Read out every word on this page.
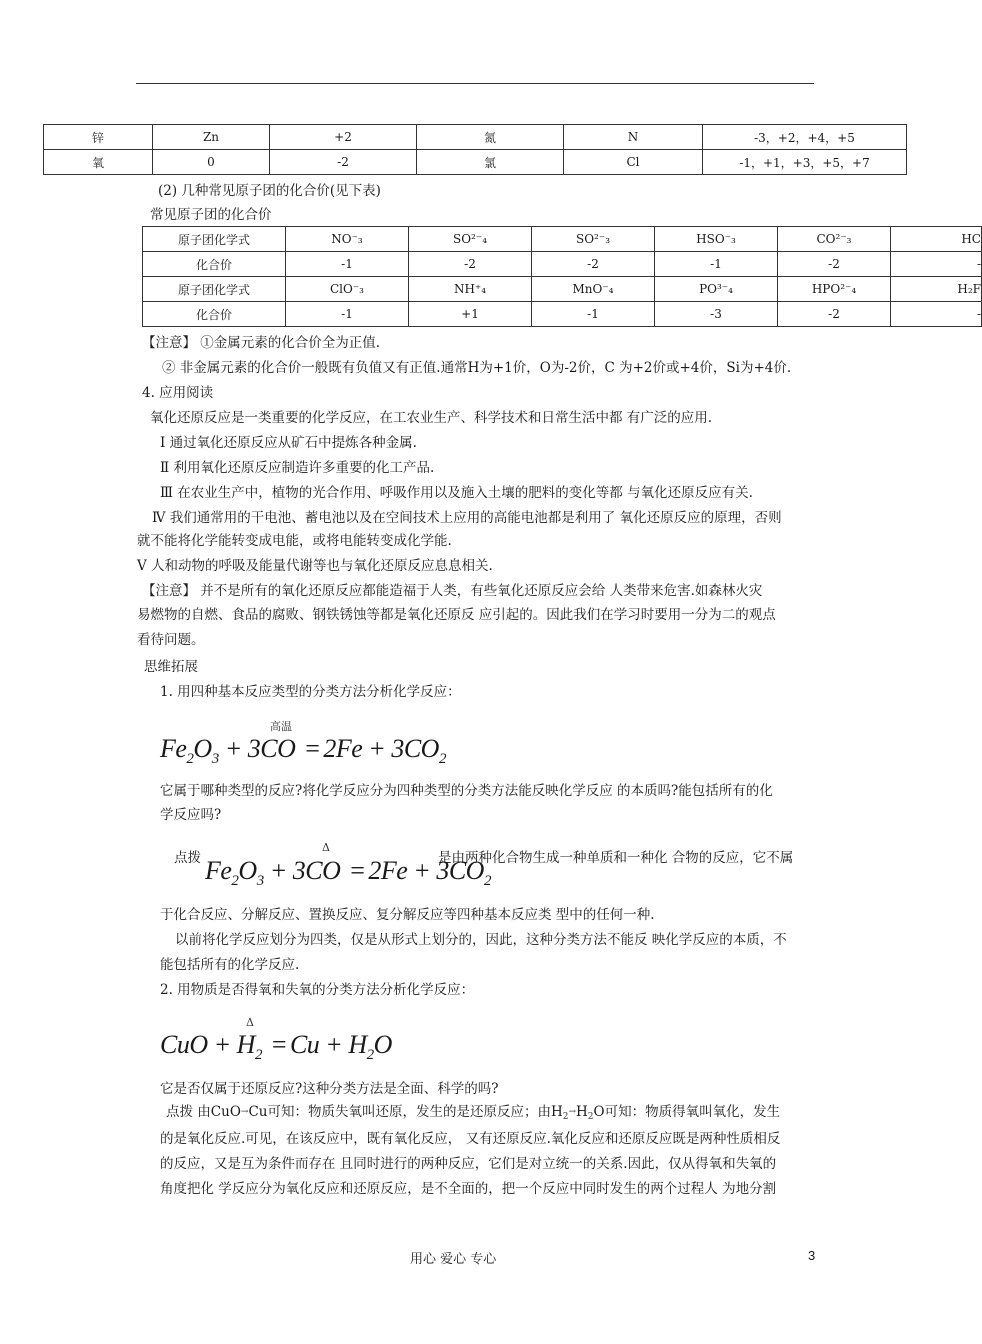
锌	Zn	+2	氮	N	-3，+2，+4，+5
氧	0	-2	氯	Cl	-1，+1，+3，+5，+7
(2) 几种常见原子团的化合价(见下表)
常见原子团的化合价
原子团化学式	NO⁻₃	SO²⁻₄	SO²⁻₃	HSO⁻₃	CO²⁻₃	HC
化合价	-1	-2	-2	-1	-2	-
原子团化学式	ClO⁻₃	NH⁺₄	MnO⁻₄	PO³⁻₄	HPO²⁻₄	H₂F
化合价	-1	+1	-1	-3	-2	-
【注意】 ①金属元素的化合价全为正值.
② 非金属元素的化合价一般既有负值又有正值.通常H为+1价，O为-2价，C 为+2价或+4价，Si为+4价.
4. 应用阅读
氧化还原反应是一类重要的化学反应，在工农业生产、科学技术和日常生活中都 有广泛的应用.
Ⅰ 通过氧化还原反应从矿石中提炼各种金属.
Ⅱ 利用氧化还原反应制造许多重要的化工产品.
Ⅲ 在农业生产中，植物的光合作用、呼吸作用以及施入土壤的肥料的变化等都 与氧化还原反应有关.
Ⅳ 我们通常用的干电池、蓄电池以及在空间技术上应用的高能电池都是利用了 氧化还原反应的原理，否则
就不能将化学能转变成电能，或将电能转变成化学能.
Ⅴ 人和动物的呼吸及能量代谢等也与氧化还原反应息息相关.
【注意】 并不是所有的氧化还原反应都能造福于人类，有些氧化还原反应会给 人类带来危害.如森林火灾
易燃物的自燃、食品的腐败、钢铁锈蚀等都是氧化还原反 应引起的。因此我们在学习时要用一分为二的观点
看待问题。
思维拓展
1. 用四种基本反应类型的分类方法分析化学反应：
高温
$Fe_2O_3 + 3CO = 2Fe + 3CO_2$
它属于哪种类型的反应?将化学反应分为四种类型的分类方法能反映化学反应 的本质吗?能包括所有的化
学反应吗?
点拨
Δ
$Fe_2O_3 + 3CO = 2Fe + 3CO_2$
是由两种化合物生成一种单质和一种化 合物的反应，它不属
于化合反应、分解反应、置换反应、复分解反应等四种基本反应类 型中的任何一种.
以前将化学反应划分为四类，仅是从形式上划分的，因此，这种分类方法不能反 映化学反应的本质，不
能包括所有的化学反应.
2. 用物质是否得氧和失氧的分类方法分析化学反应：
Δ
CuO + $H_2 = Cu + H_2O$
它是否仅属于还原反应?这种分类方法是全面、科学的吗?
点拨 由CuO→Cu可知：物质失氧叫还原，发生的是还原反应；由$H_2\to H_2O$可知：物质得氧叫氧化，发生
的是氧化反应.可见，在该反应中，既有氧化反应， 又有还原反应.氧化反应和还原反应既是两种性质相反
的反应，又是互为条件而存在 且同时进行的两种反应，它们是对立统一的关系.因此，仅从得氧和失氧的
角度把化 学反应分为氧化反应和还原反应，是不全面的，把一个反应中同时发生的两个过程人 为地分割
用心 爱心 专心	3
